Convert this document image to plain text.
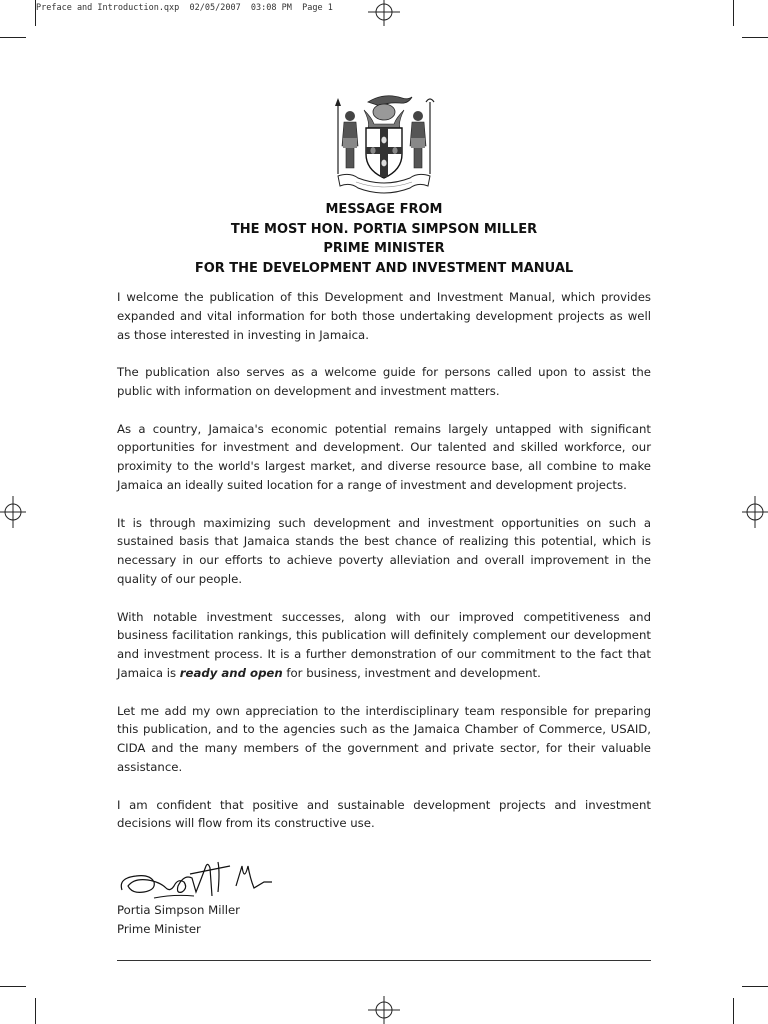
Preface and Introduction.qxp  02/05/2007  03:08 PM  Page 1
MESSAGE FROM
THE MOST HON. PORTIA SIMPSON MILLER
PRIME MINISTER
FOR THE DEVELOPMENT AND INVESTMENT MANUAL

I welcome the publication of this Development and Investment Manual, which provides expanded and vital information for both those undertaking development projects as well as those interested in investing in Jamaica.

The publication also serves as a welcome guide for persons called upon to assist the public with information on development and investment matters.

As a country, Jamaica's economic potential remains largely untapped with significant opportunities for investment and development. Our talented and skilled workforce, our proximity to the world's largest market, and diverse resource base, all combine to make Jamaica an ideally suited location for a range of investment and development projects.

It is through maximizing such development and investment opportunities on such a sustained basis that Jamaica stands the best chance of realizing this potential, which is necessary in our efforts to achieve poverty alleviation and overall improvement in the quality of our people.

With notable investment successes, along with our improved competitiveness and business facilitation rankings, this publication will definitely complement our development and investment process. It is a further demonstration of our commitment to the fact that Jamaica is ready and open for business, investment and development.

Let me add my own appreciation to the interdisciplinary team responsible for preparing this publication, and to the agencies such as the Jamaica Chamber of Commerce, USAID, CIDA and the many members of the government and private sector, for their valuable assistance.

I am confident that positive and sustainable development projects and investment decisions will flow from its constructive use.

Portia Simpson Miller
Prime Minister
